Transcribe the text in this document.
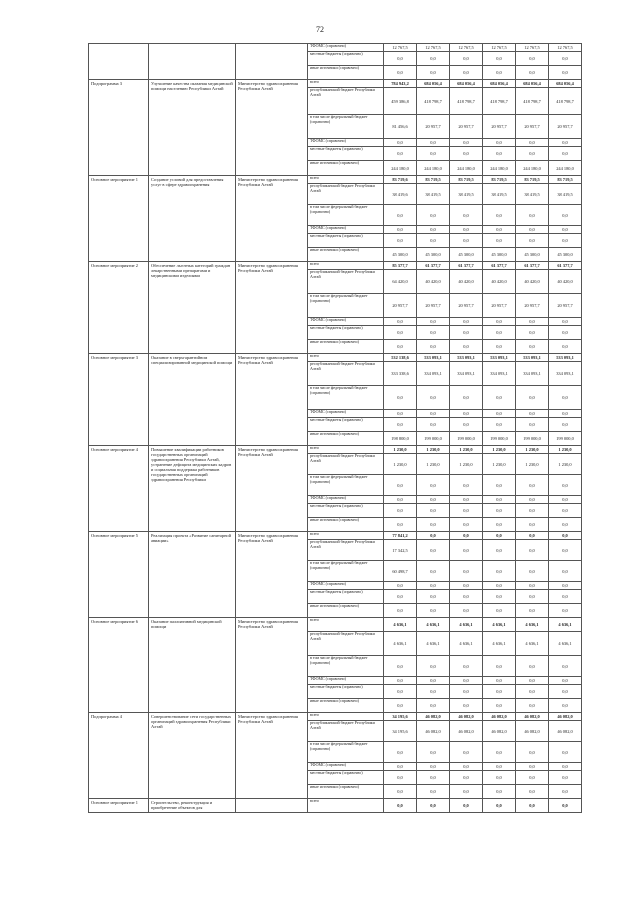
72
			ТФОМС (справочно)	12 767,5	12 767,5	12 767,5	12 767,5	12 767,5	12 767,5
			местные бюджеты (справочно)	0,0	0,0	0,0	0,0	0,0	0,0
			иные источники (справочно)	0,0	0,0	0,0	0,0	0,0	0,0
Подпрограмма 3	Улучшение качества оказания медицинской помощи населению Республики Алтай	Министерство здравоохранения Республики Алтай	всего	784 943,2	684 056,4	684 056,4	684 056,4	684 056,4	684 056,4
			республиканский бюджет Республики Алтай	459 386,8	418 798,7	418 798,7	418 798,7	418 798,7	418 798,7
			в том числе федеральный бюджет (справочно)	81 456,6	20 957,7	20 957,7	20 957,7	20 957,7	20 957,7
			ТФОМС (справочно)	0,0	0,0	0,0	0,0	0,0	0,0
			местные бюджеты (справочно)	0,0	0,0	0,0	0,0	0,0	0,0
			иные источники (справочно)	244 180,0	244 180,0	244 180,0	244 180,0	244 180,0	244 180,0
Основное мероприятие 1	Создание условий для предоставления услуг в сфере здравоохранения	Министерство здравоохранения Республики Алтай	всего	83 719,6	83 719,5	83 719,5	83 719,5	83 719,5	83 719,5
			республиканский бюджет Республики Алтай	38 419,6	38 419,5	38 419,5	38 419,5	38 419,5	38 419,5
			в том числе федеральный бюджет (справочно)	0,0	0,0	0,0	0,0	0,0	0,0
			ТФОМС (справочно)	0,0	0,0	0,0	0,0	0,0	0,0
			местные бюджеты (справочно)	0,0	0,0	0,0	0,0	0,0	0,0
			иные источники (справочно)	45 300,0	45 300,0	45 300,0	45 300,0	45 300,0	45 300,0
Основное мероприятие 2	Обеспечение льготных категорий граждан лекарственными препаратами и медицинскими изделиями	Министерство здравоохранения Республики Алтай	всего	85 377,7	61 377,7	61 377,7	61 377,7	61 377,7	61 377,7
			республиканский бюджет Республики Алтай	64 420,0	40 420,0	40 420,0	40 420,0	40 420,0	40 420,0
			в том числе федеральный бюджет (справочно)	20 957,7	20 957,7	20 957,7	20 957,7	20 957,7	20 957,7
			ТФОМС (справочно)	0,0	0,0	0,0	0,0	0,0	0,0
			местные бюджеты (справочно)	0,0	0,0	0,0	0,0	0,0	0,0
			иные источники (справочно)	0,0	0,0	0,0	0,0	0,0	0,0
Основное мероприятие 3	Оказание в сверхгарантийном специализированной медицинской помощи	Министерство здравоохранения Республики Алтай	всего	532 138,6	533 093,1	533 093,1	533 093,1	533 093,1	533 093,1
			республиканский бюджет Республики Алтай	333 338,6	334 093,1	334 093,1	334 093,1	334 093,1	334 093,1
			в том числе федеральный бюджет (справочно)	0,0	0,0	0,0	0,0	0,0	0,0
			ТФОМС (справочно)	0,0	0,0	0,0	0,0	0,0	0,0
			местные бюджеты (справочно)	0,0	0,0	0,0	0,0	0,0	0,0
			иные источники (справочно)	198 800,0	199 000,0	199 000,0	199 000,0	199 000,0	199 000,0
Основное мероприятие 4	Повышение квалификации работников государственных организаций здравоохранения Республики Алтай, устранение дефицита медицинских кадров и социальная поддержка работников государственных организаций здравоохранения Республики	Министерство здравоохранения Республики Алтай	всего	1 230,0	1 230,0	1 230,0	1 230,0	1 230,0	1 230,0
			республиканский бюджет Республики Алтай	1 230,0	1 230,0	1 230,0	1 230,0	1 230,0	1 230,0
			в том числе федеральный бюджет (справочно)	0,0	0,0	0,0	0,0	0,0	0,0
			ТФОМС (справочно)	0,0	0,0	0,0	0,0	0,0	0,0
			местные бюджеты (справочно)	0,0	0,0	0,0	0,0	0,0	0,0
			иные источники (справочно)	0,0	0,0	0,0	0,0	0,0	0,0
Основное мероприятие 5	Реализация проекта «Развитие санитарной авиации»	Министерство здравоохранения Республики Алтай	всего	77 841,2	0,0	0,0	0,0	0,0	0,0
			республиканский бюджет Республики Алтай	17 342,5	0,0	0,0	0,0	0,0	0,0
			в том числе федеральный бюджет (справочно)	60 498,7	0,0	0,0	0,0	0,0	0,0
			ТФОМС (справочно)	0,0	0,0	0,0	0,0	0,0	0,0
			местные бюджеты (справочно)	0,0	0,0	0,0	0,0	0,0	0,0
			иные источники (справочно)	0,0	0,0	0,0	0,0	0,0	0,0
Основное мероприятие 6	Оказание паллиативной медицинской помощи	Министерство здравоохранения Республики Алтай	всего	4 636,1	4 636,1	4 636,1	4 636,1	4 636,1	4 636,1
			республиканский бюджет Республики Алтай	4 636,1	4 636,1	4 636,1	4 636,1	4 636,1	4 636,1
			в том числе федеральный бюджет (справочно)	0,0	0,0	0,0	0,0	0,0	0,0
			ТФОМС (справочно)	0,0	0,0	0,0	0,0	0,0	0,0
			местные бюджеты (справочно)	0,0	0,0	0,0	0,0	0,0	0,0
			иные источники (справочно)	0,0	0,0	0,0	0,0	0,0	0,0
Подпрограмма 4	Совершенствование сети государственных организаций здравоохранения Республики Алтай	Министерство здравоохранения Республики Алтай	всего	34 195,6	46 082,0	46 082,0	46 082,0	46 082,0	46 082,0
			республиканский бюджет Республики Алтай	34 195,6	46 082,0	46 082,0	46 082,0	46 082,0	46 082,0
			в том числе федеральный бюджет (справочно)	0,0	0,0	0,0	0,0	0,0	0,0
			ТФОМС (справочно)	0,0	0,0	0,0	0,0	0,0	0,0
			местные бюджеты (справочно)	0,0	0,0	0,0	0,0	0,0	0,0
			иные источники (справочно)	0,0	0,0	0,0	0,0	0,0	0,0
Основное мероприятие 1	Строительство, реконструкция и приобретение объектов для		всего	0,0	0,0	0,0	0,0	0,0	0,0
